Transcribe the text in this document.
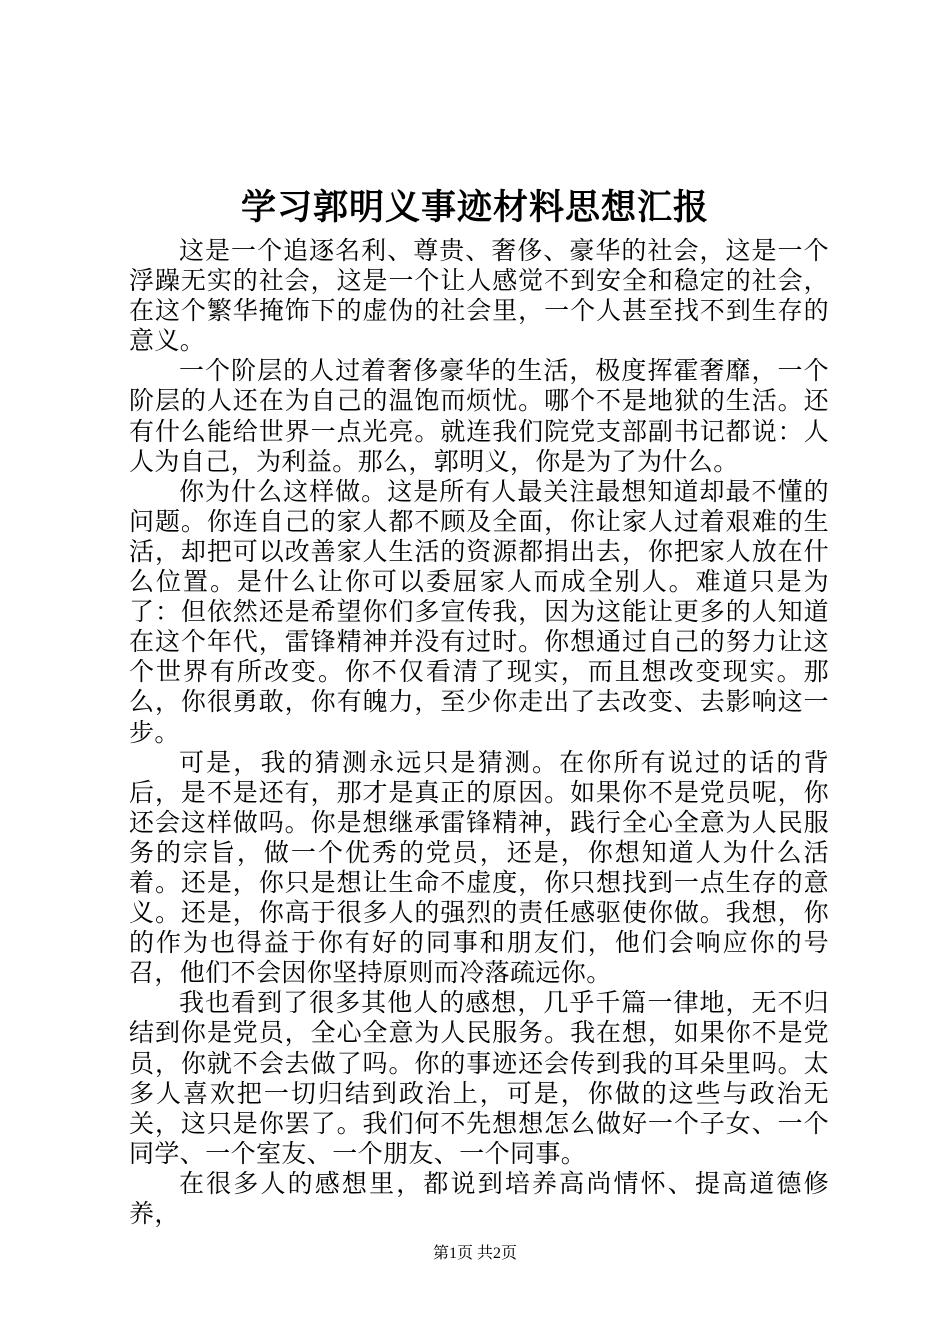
学习郭明义事迹材料思想汇报

这是一个追逐名利、尊贵、奢侈、豪华的社会，这是一个浮躁无实的社会，这是一个让人感觉不到安全和稳定的社会，在这个繁华掩饰下的虚伪的社会里，一个人甚至找不到生存的意义。

一个阶层的人过着奢侈豪华的生活，极度挥霍奢靡，一个阶层的人还在为自己的温饱而烦忧。哪个不是地狱的生活。还有什么能给世界一点光亮。就连我们院党支部副书记都说：人人为自己，为利益。那么，郭明义，你是为了为什么。

你为什么这样做。这是所有人最关注最想知道却最不懂的问题。你连自己的家人都不顾及全面，你让家人过着艰难的生活，却把可以改善家人生活的资源都捐出去，你把家人放在什么位置。是什么让你可以委屈家人而成全别人。难道只是为了：但依然还是希望你们多宣传我，因为这能让更多的人知道在这个年代，雷锋精神并没有过时。你想通过自己的努力让这个世界有所改变。你不仅看清了现实，而且想改变现实。那么，你很勇敢，你有魄力，至少你走出了去改变、去影响这一步。

可是，我的猜测永远只是猜测。在你所有说过的话的背后，是不是还有，那才是真正的原因。如果你不是党员呢，你还会这样做吗。你是想继承雷锋精神，践行全心全意为人民服务的宗旨，做一个优秀的党员，还是，你想知道人为什么活着。还是，你只是想让生命不虚度，你只想找到一点生存的意义。还是，你高于很多人的强烈的责任感驱使你做。我想，你的作为也得益于你有好的同事和朋友们，他们会响应你的号召，他们不会因你坚持原则而冷落疏远你。

我也看到了很多其他人的感想，几乎千篇一律地，无不归结到你是党员，全心全意为人民服务。我在想，如果你不是党员，你就不会去做了吗。你的事迹还会传到我的耳朵里吗。太多人喜欢把一切归结到政治上，可是，你做的这些与政治无关，这只是你罢了。我们何不先想想怎么做好一个子女、一个同学、一个室友、一个朋友、一个同事。

在很多人的感想里，都说到培养高尚情怀、提高道德修养，

第1页 共2页
